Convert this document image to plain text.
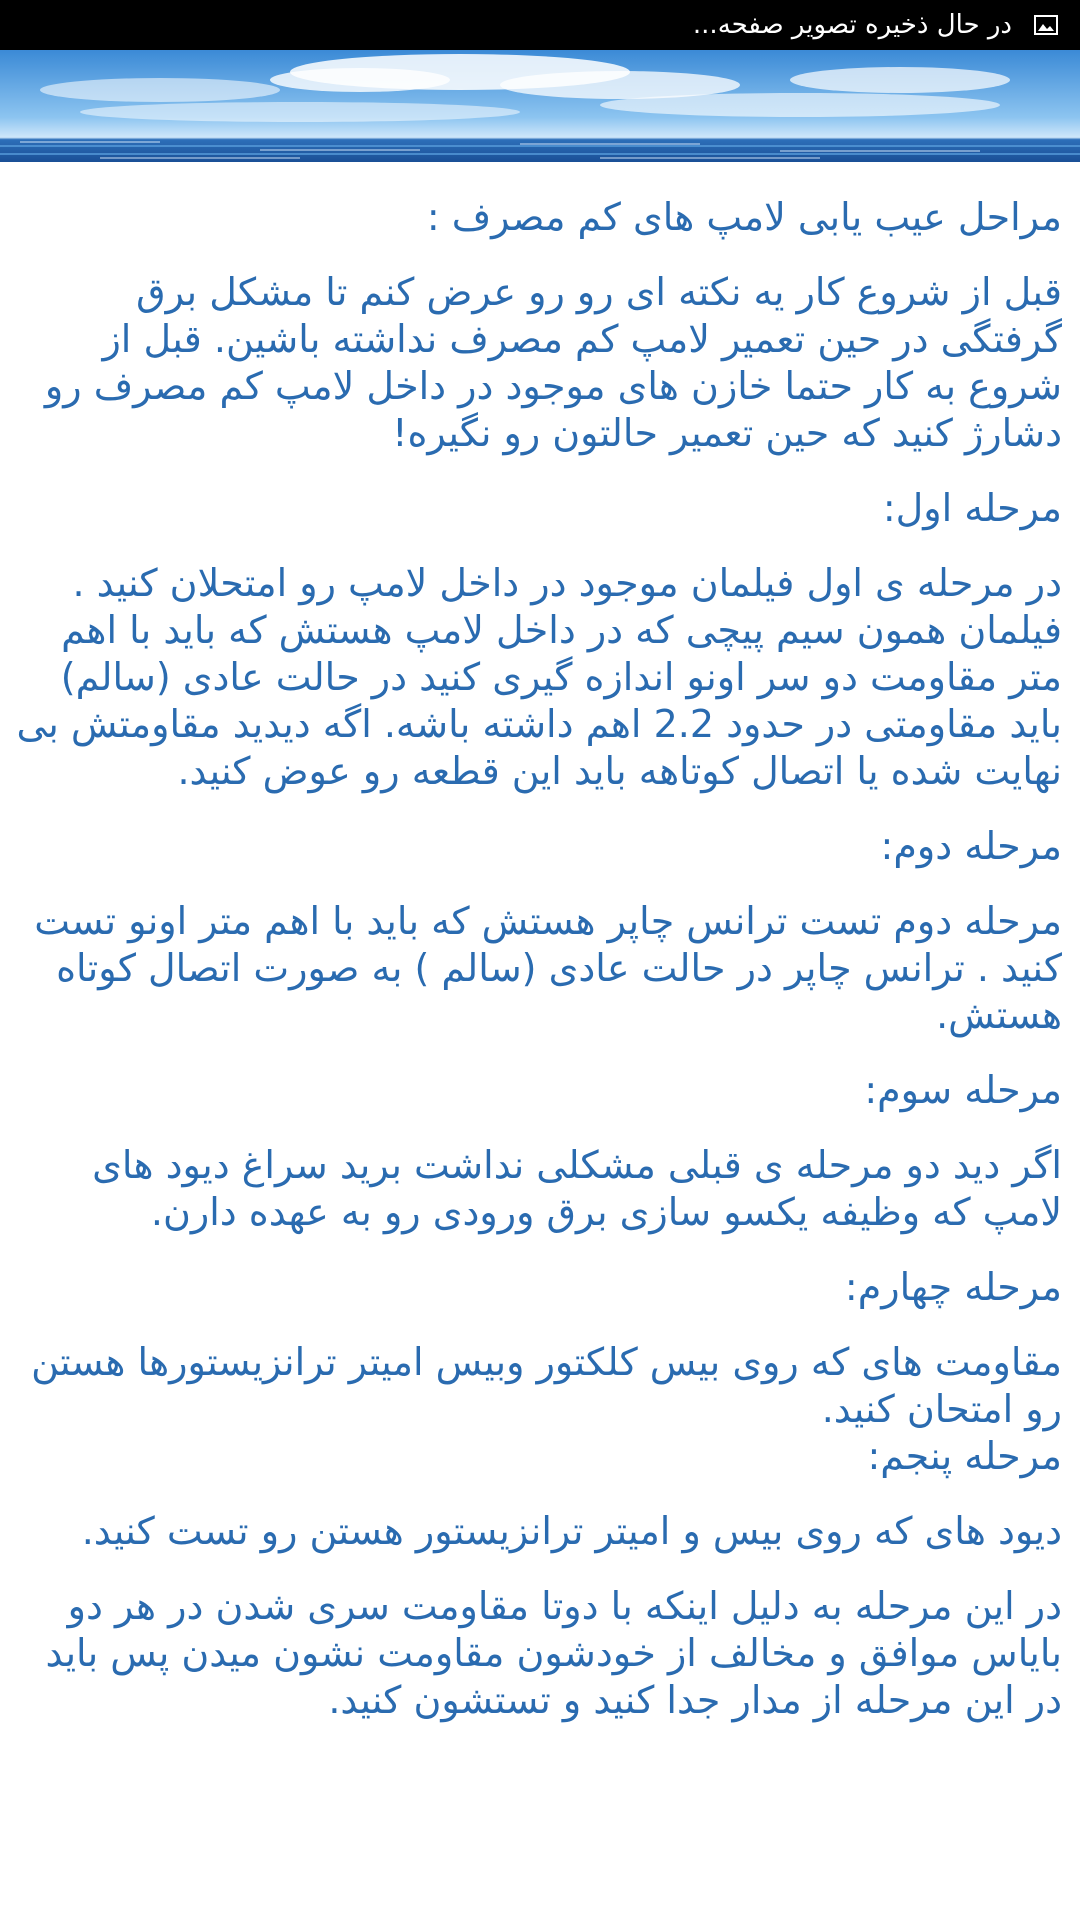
در حال ذخیره تصویر صفحه...

مراحل عیب یابی لامپ های کم مصرف :

قبل از شروع کار یه نکته ای رو رو عرض کنم تا مشکل برق گرفتگی در حین تعمیر لامپ کم مصرف نداشته باشین. قبل از شروع به کار حتما خازن های موجود در داخل لامپ کم مصرف رو دشارژ کنید که حین تعمیر حالتون رو نگیره!

مرحله اول:

در مرحله ی اول فیلمان موجود در داخل لامپ رو امتحلان کنید . فیلمان همون سیم پیچی که در داخل لامپ هستش که باید با اهم متر مقاومت دو سر اونو اندازه گیری کنید در حالت عادی (سالم) باید مقاومتی در حدود 2.2 اهم داشته باشه. اگه دیدید مقاومتش بی نهایت شده یا اتصال کوتاهه باید این قطعه رو عوض کنید.

مرحله دوم:

مرحله دوم تست ترانس چاپر هستش که باید با اهم متر اونو تست کنید . ترانس چاپر در حالت عادی (سالم ) به صورت اتصال کوتاه هستش.

مرحله سوم:

اگر دید دو مرحله ی قبلی مشکلی نداشت برید سراغ دیود های لامپ که وظیفه یکسو سازی برق ورودی رو به عهده دارن.

مرحله چهارم:

مقاومت های که روی بیس کلکتور وبیس امیتر ترانزیستورها هستن رو امتحان کنید.

مرحله پنجم:

دیود های که روی بیس و امیتر ترانزیستور هستن رو تست کنید.

در این مرحله به دلیل اینکه با دوتا مقاومت سری شدن در هر دو بایاس موافق و مخالف از خودشون مقاومت نشون میدن پس باید در این مرحله از مدار جدا کنید و تستشون کنید.
